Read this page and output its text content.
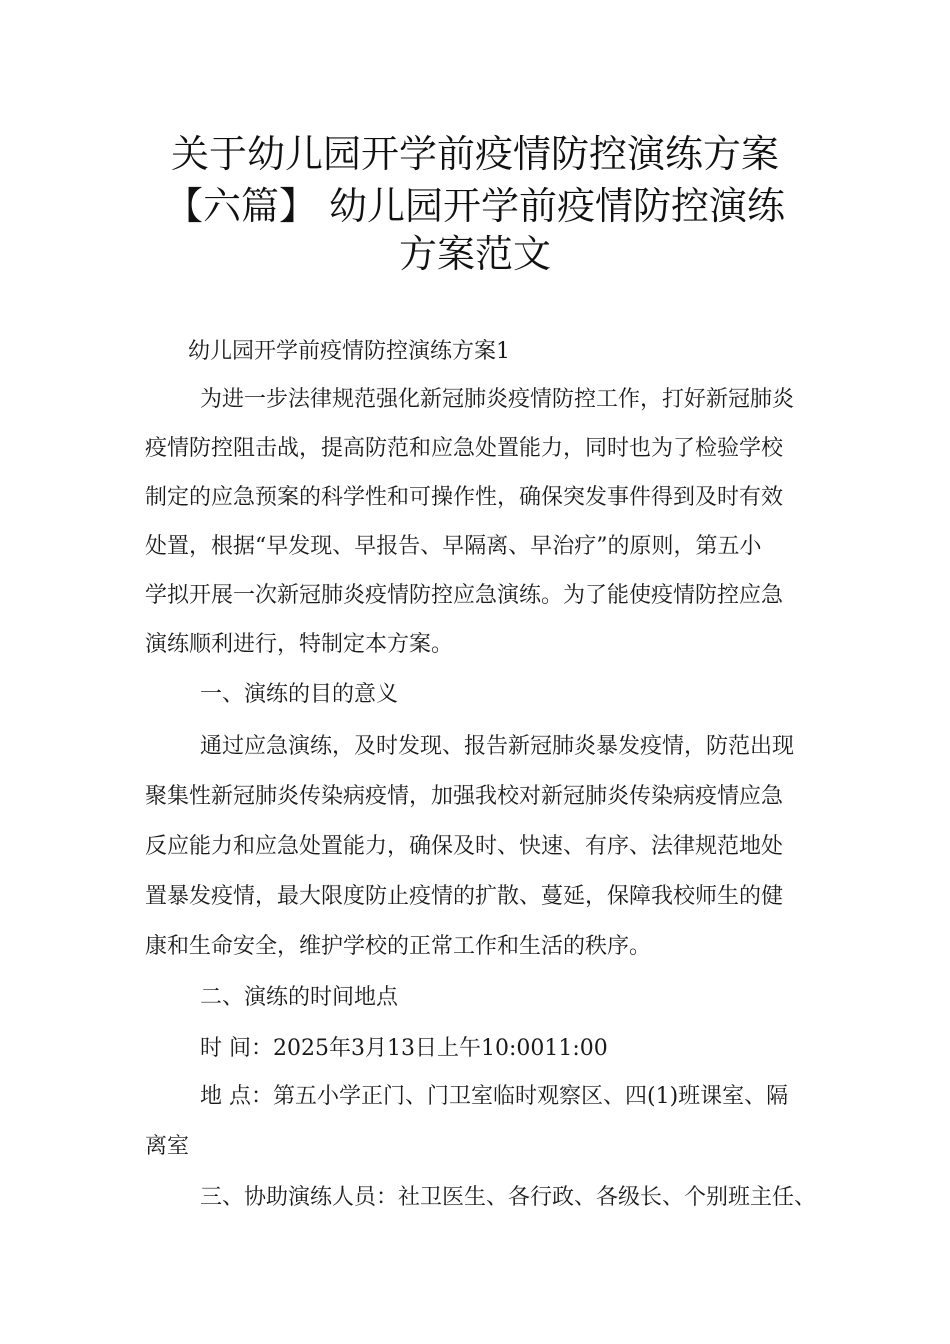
关于幼儿园开学前疫情防控演练方案
【六篇】 幼儿园开学前疫情防控演练
方案范文

幼儿园开学前疫情防控演练方案1

为进一步法律规范强化新冠肺炎疫情防控工作，打好新冠肺炎

疫情防控阻击战，提高防范和应急处置能力，同时也为了检验学校

制定的应急预案的科学性和可操作性，确保突发事件得到及时有效

处置，根据“早发现、早报告、早隔离、早治疗”的原则，第五小

学拟开展一次新冠肺炎疫情防控应急演练。为了能使疫情防控应急

演练顺利进行，特制定本方案。

一、演练的目的意义

通过应急演练，及时发现、报告新冠肺炎暴发疫情，防范出现

聚集性新冠肺炎传染病疫情，加强我校对新冠肺炎传染病疫情应急

反应能力和应急处置能力，确保及时、快速、有序、法律规范地处

置暴发疫情，最大限度防止疫情的扩散、蔓延，保障我校师生的健

康和生命安全，维护学校的正常工作和生活的秩序。

二、演练的时间地点

时 间：2025年3月13日上午10:0011:00

地 点：第五小学正门、门卫室临时观察区、四(1)班课室、隔

离室

三、协助演练人员：社卫医生、各行政、各级长、个别班主任、
